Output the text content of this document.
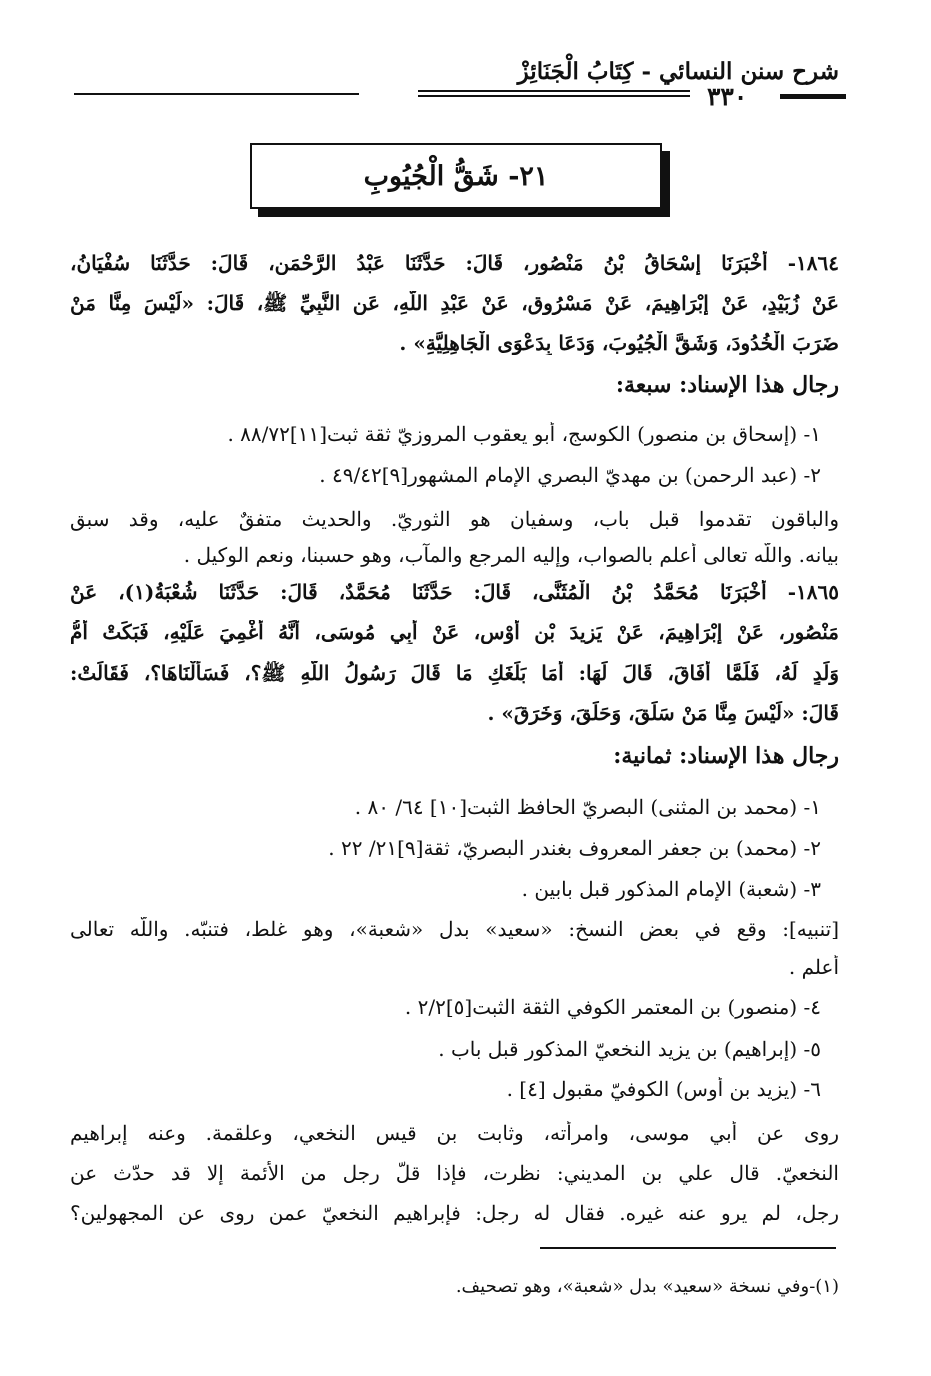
شرح سنن النسائي - كِتَابُ الْجَنَائِزْ
٣٣٠
٢١- شَقُّ الْجُيُوبِ
١٨٦٤- أَخْبَرَنَا إِسْحَاقُ بْنُ مَنْصُورٍ، قَالَ: حَدَّثَنَا عَبْدُ الرَّحْمَنِ، قَالَ: حَدَّثَنَا سُفْيَانُ،
عَنْ زُبَيْدٍ، عَنْ إِبْرَاهِيمَ، عَنْ مَسْرُوقٍ، عَنْ عَبْدِ اللَّهِ، عَنِ النَّبِيِّ ﷺ، قَالَ: «لَيْسَ مِنَّا مَنْ
ضَرَبَ الْخُدُودَ، وَشَقَّ الْجُيُوبَ، وَدَعَا بِدَعْوَى الْجَاهِلِيَّةِ» .
رجال هذا الإسناد: سبعة:
١- (إسحاق بن منصور) الكوسج، أبو يعقوب المروزيّ ثقة ثبت[١١]٨٨/٧٢ .
٢- (عبد الرحمن) بن مهديّ البصري الإمام المشهور[٩]٤٩/٤٢ .
والباقون تقدموا قبل باب، وسفيان هو الثوريّ. والحديث متفقٌ عليه، وقد سبق
بيانه. واللَّه تعالى أعلم بالصواب، وإليه المرجع والمآب، وهو حسبنا، ونعم الوكيل .
١٨٦٥- أَخْبَرَنَا مُحَمَّدُ بْنُ الْمُثَنَّى، قَالَ: حَدَّثَنَا مُحَمَّدٌ، قَالَ: حَدَّثَنَا شُعْبَةُ(١)، عَنْ
مَنْصُورٍ، عَنْ إِبْرَاهِيمَ، عَنْ يَزِيدَ بْنِ أَوْسٍ، عَنْ أَبِي مُوسَى، أَنَّهُ أُغْمِيَ عَلَيْهِ، فَبَكَتْ أُمُّ
وَلَدٍ لَهُ، فَلَمَّا أَفَاقَ، قَالَ لَهَا: أَمَا بَلَغَكِ مَا قَالَ رَسُولُ اللَّهِ ﷺ؟، فَسَأَلْنَاهَا؟، فَقَالَتْ:
قَالَ: «لَيْسَ مِنَّا مَنْ سَلَقَ، وَحَلَقَ، وَخَرَقَ» .
رجال هذا الإسناد: ثمانية:
١- (محمد بن المثنى) البصريّ الحافظ الثبت[١٠] ٦٤/ ٨٠ .
٢- (محمد) بن جعفر المعروف بغندر البصريّ، ثقة[٩]٢١/ ٢٢ .
٣- (شعبة) الإمام المذكور قبل بابين .
[تنبيه]: وقع في بعض النسخ: «سعيد» بدل «شعبة»، وهو غلط، فتنبّه. واللَّه تعالى
أعلم .
٤- (منصور) بن المعتمر الكوفي الثقة الثبت[٥]٢/٢ .
٥- (إبراهيم) بن يزيد النخعيّ المذكور قبل باب .
٦- (يزيد بن أوس) الكوفيّ مقبول [٤] .
روى عن أبي موسى، وامرأته، وثابت بن قيس النخعي، وعلقمة. وعنه إبراهيم
النخعيّ. قال علي بن المديني: نظرت، فإذا قلّ رجل من الأئمة إلا قد حدّث عن
رجل، لم يرو عنه غيره. فقال له رجل: فإبراهيم النخعيّ عمن روى عن المجهولين؟
(١)-وفي نسخة «سعيد» بدل «شعبة»، وهو تصحيف.
